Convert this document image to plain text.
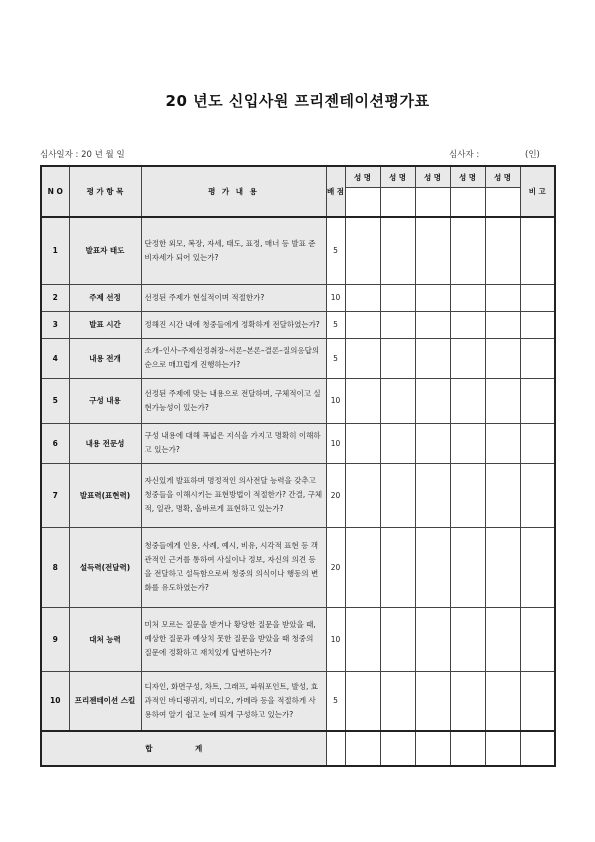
20 년도 신입사원 프리젠테이션평가표
심사일자 : 20 년 월 일	심사자 :	(인)
N O	평 가 항 목	평 가 내 용	배 점	성 명	성 명	성 명	성 명	성 명	비 고

1	발표자 태도	단정한 외모, 복장, 자세, 태도, 표정, 매너 등 발표 준비자세가 되어 있는가?	5						
2	주제 선정	선정된 주제가 현실적이며 적절한가?	10						
3	발표 시간	정해진 시간 내에 청중들에게 정확하게 전달하였는가?	5						
4	내용 전개	소개–인사–주제선정취장–서론–본론–결론–질의응답의 순으로 매끄럽게 진행하는가?	5						
5	구성 내용	선정된 주제에 맞는 내용으로 전달하며, 구체적이고 실현가능성이 있는가?	10						
6	내용 전문성	구성 내용에 대해 폭넓은 지식을 가지고 명확히 이해하고 있는가?	10						
7	발표력(표현력)	자신있게 발표하며 명정적인 의사전달 능력을 갖추고 청중들을 이해시키는 표현방법이 적절한가? 간결, 구체적, 일관, 명확, 올바르게 표현하고 있는가?	20						
8	설득력(전달력)	청중들에게 인용, 사례, 예시, 비유, 시각적 표현 등 객관적인 근거를 통하여 사실이나 정보, 자신의 의견 등을 전달하고 설득함으로써 청중의 의식이나 행동의 변화를 유도하였는가?	20						
9	대처 능력	미처 모르는 질문을 받거나 황당한 질문을 받았을 때, 예상한 질문과 예상치 못한 질문을 받았을 때 청중의 질문에 정확하고 재치있게 답변하는가?	10						
10	프리젠테이션 스킬	디자인, 화면구성, 차트, 그래프, 파워포인트, 발성, 효과적인 바디랭귀지, 비디오, 카메라 등을 적절하게 사용하여 알기 쉽고 눈에 띄게 구성하고 있는가?	5						
합 계									
